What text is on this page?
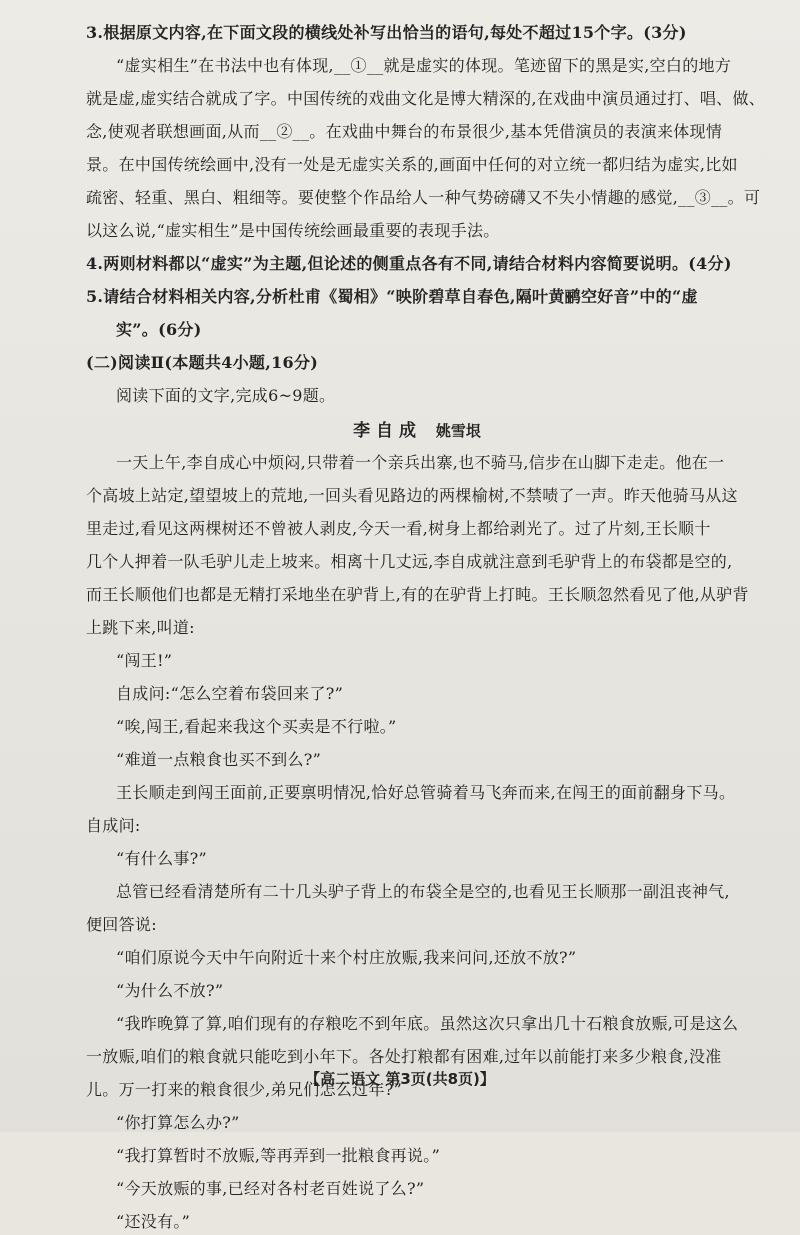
3.根据原文内容,在下面文段的横线处补写出恰当的语句,每处不超过15个字。(3分)

“虚实相生”在书法中也有体现,__①__就是虚实的体现。笔迹留下的黑是实,空白的地方

就是虚,虚实结合就成了字。中国传统的戏曲文化是博大精深的,在戏曲中演员通过打、唱、做、

念,使观者联想画面,从而__②__。在戏曲中舞台的布景很少,基本凭借演员的表演来体现情

景。在中国传统绘画中,没有一处是无虚实关系的,画面中任何的对立统一都归结为虚实,比如

疏密、轻重、黑白、粗细等。要使整个作品给人一种气势磅礴又不失小情趣的感觉,__③__。可

以这么说,“虚实相生”是中国传统绘画最重要的表现手法。

4.两则材料都以“虚实”为主题,但论述的侧重点各有不同,请结合材料内容简要说明。(4分)

5.请结合材料相关内容,分析杜甫《蜀相》“映阶碧草自春色,隔叶黄鹂空好音”中的“虚

实”。(6分)

(二)阅读Ⅱ(本题共4小题,16分)

阅读下面的文字,完成6~9题。

李 自 成 姚雪垠

一天上午,李自成心中烦闷,只带着一个亲兵出寨,也不骑马,信步在山脚下走走。他在一

个高坡上站定,望望坡上的荒地,一回头看见路边的两棵榆树,不禁啧了一声。昨天他骑马从这

里走过,看见这两棵树还不曾被人剥皮,今天一看,树身上都给剥光了。过了片刻,王长顺十

几个人押着一队毛驴儿走上坡来。相离十几丈远,李自成就注意到毛驴背上的布袋都是空的,

而王长顺他们也都是无精打采地坐在驴背上,有的在驴背上打盹。王长顺忽然看见了他,从驴背

上跳下来,叫道:

“闯王!”

自成问:“怎么空着布袋回来了?”

“唉,闯王,看起来我这个买卖是不行啦。”

“难道一点粮食也买不到么?”

王长顺走到闯王面前,正要禀明情况,恰好总管骑着马飞奔而来,在闯王的面前翻身下马。

自成问:

“有什么事?”

总管已经看清楚所有二十几头驴子背上的布袋全是空的,也看见王长顺那一副沮丧神气,

便回答说:

“咱们原说今天中午向附近十来个村庄放赈,我来问问,还放不放?”

“为什么不放?”

“我昨晚算了算,咱们现有的存粮吃不到年底。虽然这次只拿出几十石粮食放赈,可是这么

一放赈,咱们的粮食就只能吃到小年下。各处打粮都有困难,过年以前能打来多少粮食,没准

儿。万一打来的粮食很少,弟兄们怎么过年?”

“你打算怎么办?”

“我打算暂时不放赈,等再弄到一批粮食再说。”

“今天放赈的事,已经对各村老百姓说了么?”

“还没有。”

【高二语文 第3页(共8页)】
